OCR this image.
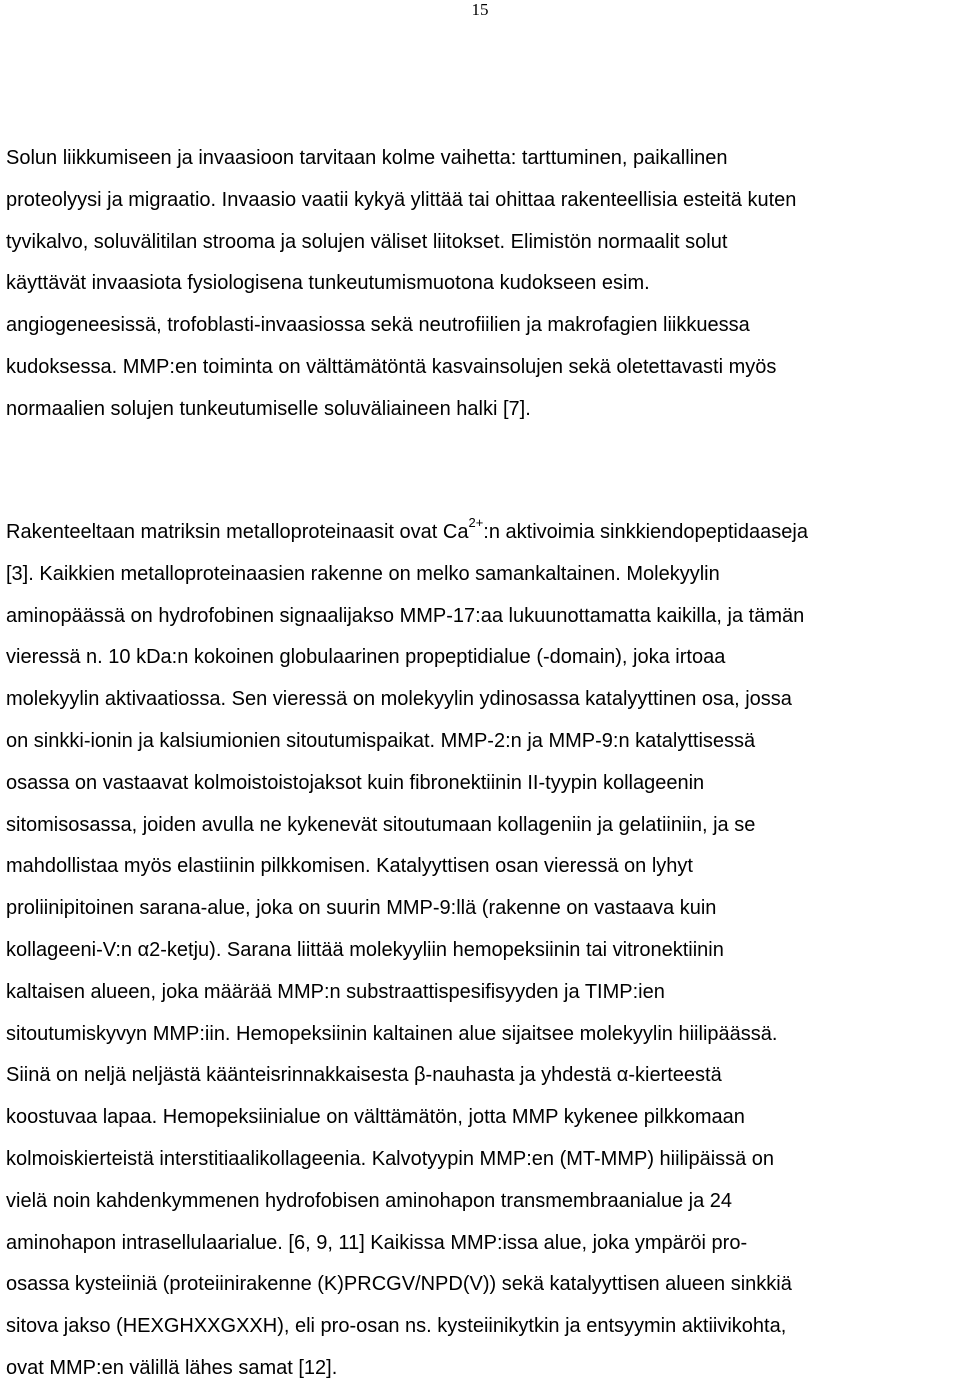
15
Solun liikkumiseen ja invaasioon tarvitaan kolme vaihetta: tarttuminen, paikallinen
proteolyysi ja migraatio. Invaasio vaatii kykyä ylittää tai ohittaa rakenteellisia esteitä kuten
tyvikalvo, soluvälitilan strooma ja solujen väliset liitokset. Elimistön normaalit solut
käyttävät invaasiota fysiologisena tunkeutumismuotona kudokseen esim.
angiogeneesissä, trofoblasti-invaasiossa sekä neutrofiilien ja makrofagien liikkuessa
kudoksessa. MMP:en toiminta on välttämätöntä kasvainsolujen sekä oletettavasti myös
normaalien solujen tunkeutumiselle soluväliaineen halki [7].
Rakenteeltaan matriksin metalloproteinaasit ovat $Ca^{2+}:n$ aktivoimia sinkkiendopeptidaaseja
[3]. Kaikkien metalloproteinaasien rakenne on melko samankaltainen. Molekyylin
aminopäässä on hydrofobinen signaalijakso MMP-17:aa lukuunottamatta kaikilla, ja tämän
vieressä n. 10 kDa:n kokoinen globulaarinen propeptidialue (-domain), joka irtoaa
molekyylin aktivaatiossa. Sen vieressä on molekyylin ydinosassa katalyyttinen osa, jossa
on sinkki-ionin ja kalsiumionien sitoutumispaikat. MMP-2:n ja MMP-9:n katalyttisessä
osassa on vastaavat kolmoistoistojaksot kuin fibronektiinin II-tyypin kollageenin
sitomisosassa, joiden avulla ne kykenevät sitoutumaan kollageniin ja gelatiiniin, ja se
mahdollistaa myös elastiinin pilkkomisen. Katalyyttisen osan vieressä on lyhyt
proliinipitoinen sarana-alue, joka on suurin MMP-9:llä (rakenne on vastaava kuin
kollageeni-V:n α2-ketju). Sarana liittää molekyyliin hemopeksiinin tai vitronektiinin
kaltaisen alueen, joka määrää MMP:n substraattispesifisyyden ja TIMP:ien
sitoutumiskyvyn MMP:iin. Hemopeksiinin kaltainen alue sijaitsee molekyylin hiilipäässä.
Siinä on neljä neljästä käänteisrinnakkaisesta β-nauhasta ja yhdestä α-kierteestä
koostuvaa lapaa. Hemopeksiinialue on välttämätön, jotta MMP kykenee pilkkomaan
kolmoiskierteistä interstitiaalikollageenia. Kalvotyypin MMP:en (MT-MMP) hiilipäissä on
vielä noin kahdenkymmenen hydrofobisen aminohapon transmembraanialue ja 24
aminohapon intrasellulaarialue. [6, 9, 11] Kaikissa MMP:issa alue, joka ympäröi pro-
osassa kysteiiniä (proteiinirakenne (K)PRCGV/NPD(V)) sekä katalyyttisen alueen sinkkiä
sitova jakso (HEXGHXXGXXH), eli pro-osan ns. kysteiinikytkin ja entsyymin aktiivikohta,
ovat MMP:en välillä lähes samat [12].
